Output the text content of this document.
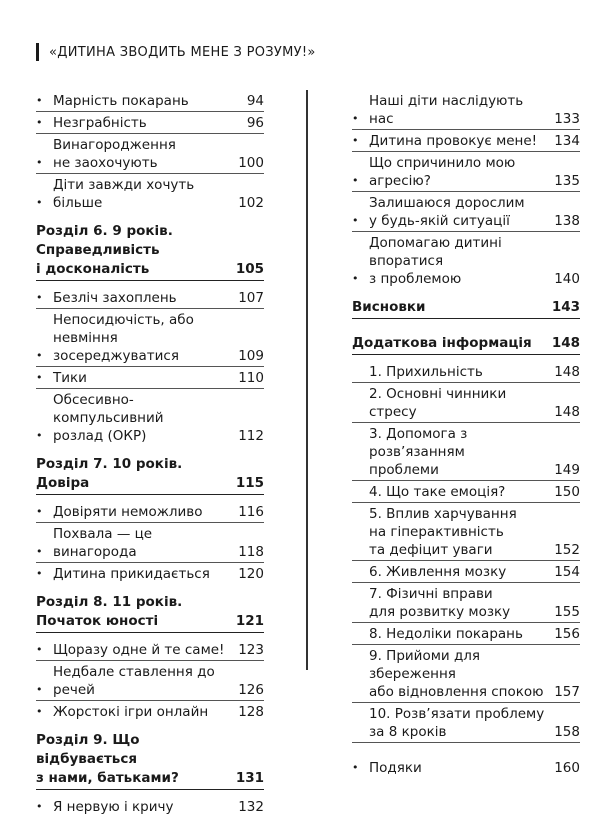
«ДИТИНА ЗВОДИТЬ МЕНЕ З РОЗУМУ!»
• Марність покарань	94
• Незграбність	96
•
Винагородження
не заохочують	100
•
Діти завжди хочуть більше	102
Розділ 6. 9 років.
Справедливість
і досконалість	105
• Безліч захоплень	107
•
Непосидючість, або невміння
зосереджуватися	109
• Тики	110
•
Обсесивно-компульсивний
розлад (ОКР)	112
Розділ 7. 10 років.
Довіра	115
• Довіряти неможливо	116
•
Похвала — це винагорода	118
• Дитина прикидається	120
Розділ 8. 11 років.
Початок юності	121
• Щоразу одне й те саме!	123
•
Недбале ставлення до речей	126
• Жорстокі ігри онлайн	128
Розділ 9. Що відбувається
з нами, батьками?	131
• Я нервую і кричу	132
•
Наші діти наслідують нас	133
• Дитина провокує мене!	134
•
Що спричинило мою агресію?	135
•
Залишаюся дорослим
у будь-якій ситуації	138
•
Допомагаю дитині впоратися
з проблемою	140
Висновки	143
Додаткова інформація	148
1. Прихильність	148
2. Основні чинники стресу	148
3. Допомога з розв’язанням
проблеми	149
4. Що таке емоція?	150
5. Вплив харчування
на гіперактивність
та дефіцит уваги	152
6. Живлення мозку	154
7. Фізичні вправи
для розвитку мозку	155
8. Недоліки покарань	156
9. Прийоми для збереження
або відновлення спокою 157
10. Розв’язати проблему
за 8 кроків	158
• Подяки	160
